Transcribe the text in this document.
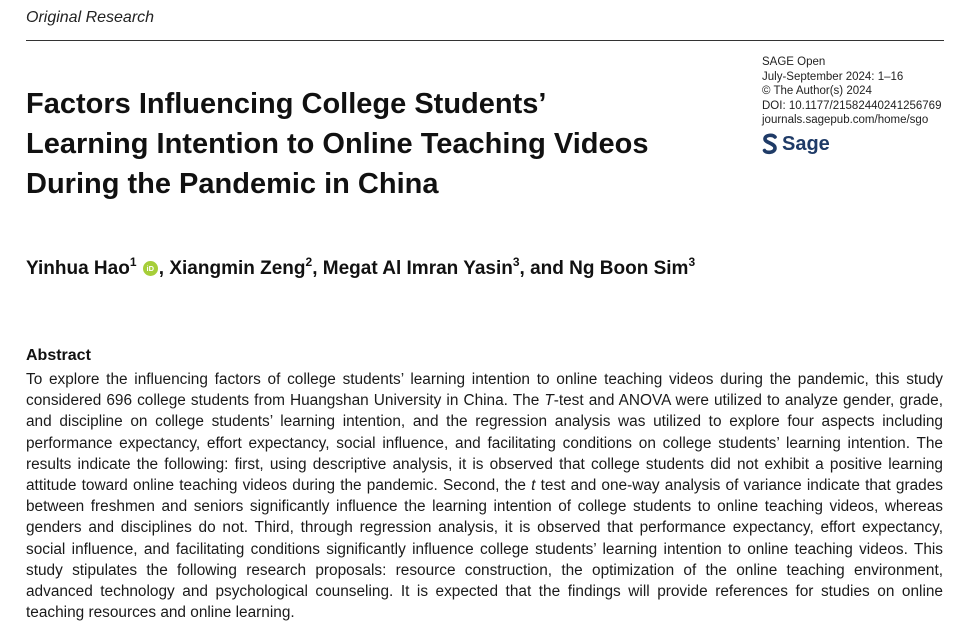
Original Research
Factors Influencing College Students’ Learning Intention to Online Teaching Videos During the Pandemic in China
SAGE Open
July-September 2024: 1–16
© The Author(s) 2024
DOI: 10.1177/21582440241256769
journals.sagepub.com/home/sgo
Sage

Yinhua Hao$^1$	iD , Xiangmin Zeng$^2$, Megat Al Imran Yasin$^3$, and Ng Boon Sim$^3$

Abstract

To explore the influencing factors of college students’ learning intention to online teaching videos during the pandemic, this study considered 696 college students from Huangshan University in China. The T-test and ANOVA were utilized to analyze gender, grade, and discipline on college students’ learning intention, and the regression analysis was utilized to explore four aspects including performance expectancy, effort expectancy, social influence, and facilitating conditions on college students’ learning intention. The results indicate the following: first, using descriptive analysis, it is observed that college students did not exhibit a positive learning attitude toward online teaching videos during the pandemic. Second, the t test and one-way analysis of variance indicate that grades between freshmen and seniors significantly influence the learning intention of college students to online teaching videos, whereas genders and disciplines do not. Third, through regression analysis, it is observed that performance expectancy, effort expectancy, social influence, and facilitating conditions significantly influence college students’ learning intention to online teaching videos. This study stipulates the following research proposals: resource construction, the optimization of the online teaching environment, advanced technology and psychological counseling. It is expected that the findings will provide references for studies on online teaching resources and online learning.
